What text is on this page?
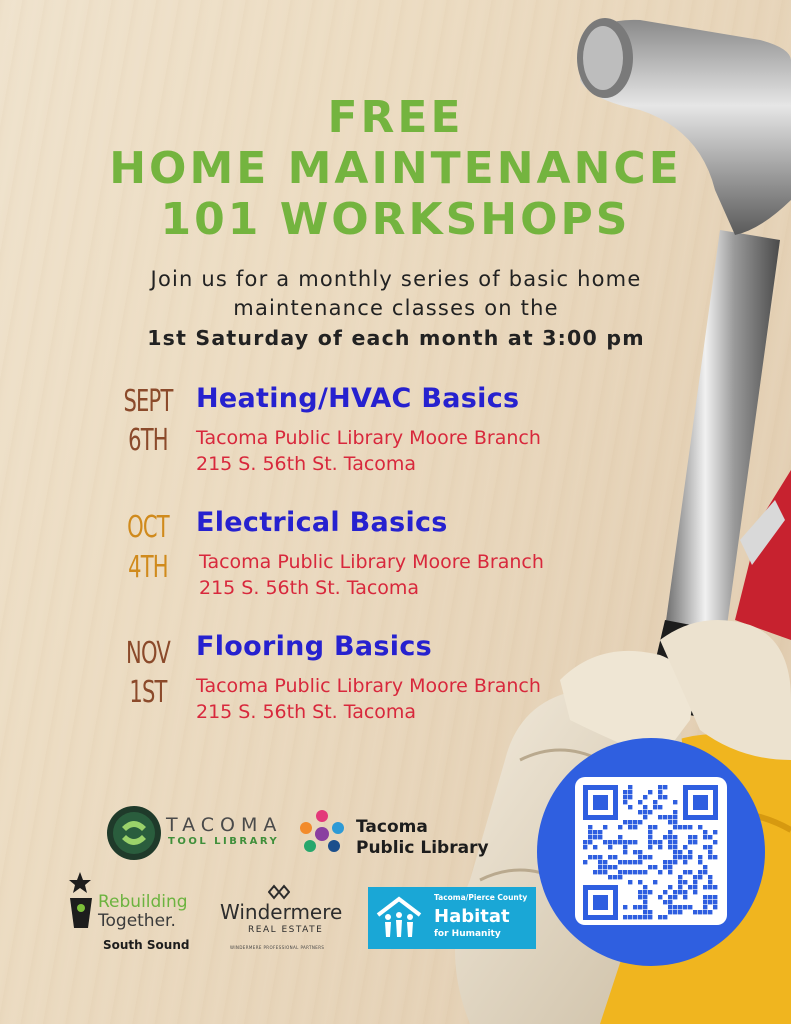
FREE
HOME MAINTENANCE
101 WORKSHOPS
Join us for a monthly series of basic home
maintenance classes on the
1st Saturday of each month at 3:00 pm
SEPT
6TH
Heating/HVAC Basics
Tacoma Public Library Moore Branch
215 S. 56th St. Tacoma
OCT
4TH
Electrical Basics
Tacoma Public Library Moore Branch
215 S. 56th St. Tacoma
NOV
1ST
Flooring Basics
Tacoma Public Library Moore Branch
215 S. 56th St. Tacoma
TACOMA
TOOL LIBRARY
Tacoma
Public Library
Rebuilding
Together.
South Sound
Windermere
REAL ESTATE
WINDERMERE PROFESSIONAL PARTNERS
Tacoma/Pierce County
Habitat
for Humanity
